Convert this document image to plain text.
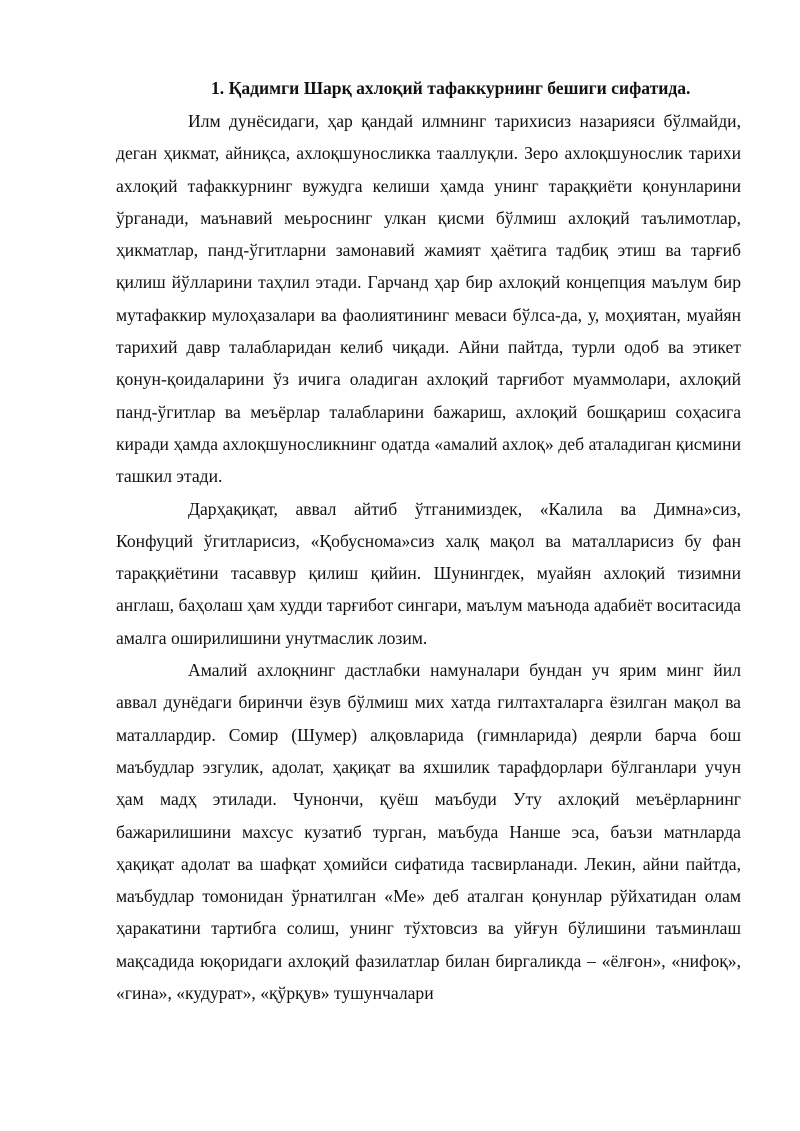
1. Қадимги Шарқ ахлоқий тафаккурнинг бешиги сифатида.

Илм дунёсидаги, ҳар қандай илмнинг тарихисиз назарияси бўлмайди, деган ҳикмат, айниқса, ахлоқшуносликка тааллуқли. Зеро ахлоқшунослик тарихи ахлоқий тафаккурнинг вужудга келиши ҳамда унинг тараққиёти қонунларини ўрганади, маънавий меьроснинг улкан қисми бўлмиш ахлоқий таълимотлар, ҳикматлар, панд-ўгитларни замонавий жамият ҳаётига тадбиқ этиш ва тарғиб қилиш йўлларини таҳлил этади. Гарчанд ҳар бир ахлоқий концепция маълум бир мутафаккир мулоҳазалари ва фаолиятининг меваси бўлса-да, у, моҳиятан, муайян тарихий давр талабларидан келиб чиқади. Айни пайтда, турли одоб ва этикет қонун-қоидаларини ўз ичига оладиган ахлоқий тарғибот муаммолари, ахлоқий панд-ўгитлар ва меъёрлар талабларини бажариш, ахлоқий бошқариш соҳасига киради ҳамда ахлоқшуносликнинг одатда «амалий ахлоқ» деб аталадиган қисмини ташкил этади.

Дарҳақиқат, аввал айтиб ўтганимиздек, «Калила ва Димна»сиз, Конфуций ўгитларисиз, «Қобуснома»сиз халқ мақол ва маталларисиз бу фан тараққиётини тасаввур қилиш қийин. Шунингдек, муайян ахлоқий тизимни англаш, баҳолаш ҳам худди тарғибот сингари, маълум маънода адабиёт воситасида амалга оширилишини унутмаслик лозим.

Амалий ахлоқнинг дастлабки намуналари бундан уч ярим минг йил аввал дунёдаги биринчи ёзув бўлмиш мих хатда гилтахталарга ёзилган мақол ва маталлардир. Сомир (Шумер) алқовларида (гимнларида) деярли барча бош маъбудлар эзгулик, адолат, ҳақиқат ва яхшилик тарафдорлари бўлганлари учун ҳам мадҳ этилади. Чунончи, қуёш маъбуди Уту ахлоқий меъёрларнинг бажарилишини махсус кузатиб турган, маъбуда Нанше эса, баъзи матнларда ҳақиқат адолат ва шафқат ҳомийси сифатида тасвирланади. Лекин, айни пайтда, маъбудлар томонидан ўрнатилган «Ме» деб аталган қонунлар рўйхатидан олам ҳаракатини тартибга солиш, унинг тўхтовсиз ва уйғун бўлишини таъминлаш мақсадида юқоридаги ахлоқий фазилатлар билан биргаликда – «ёлғон», «нифоқ», «гина», «кудурат», «қўрқув» тушунчалари
